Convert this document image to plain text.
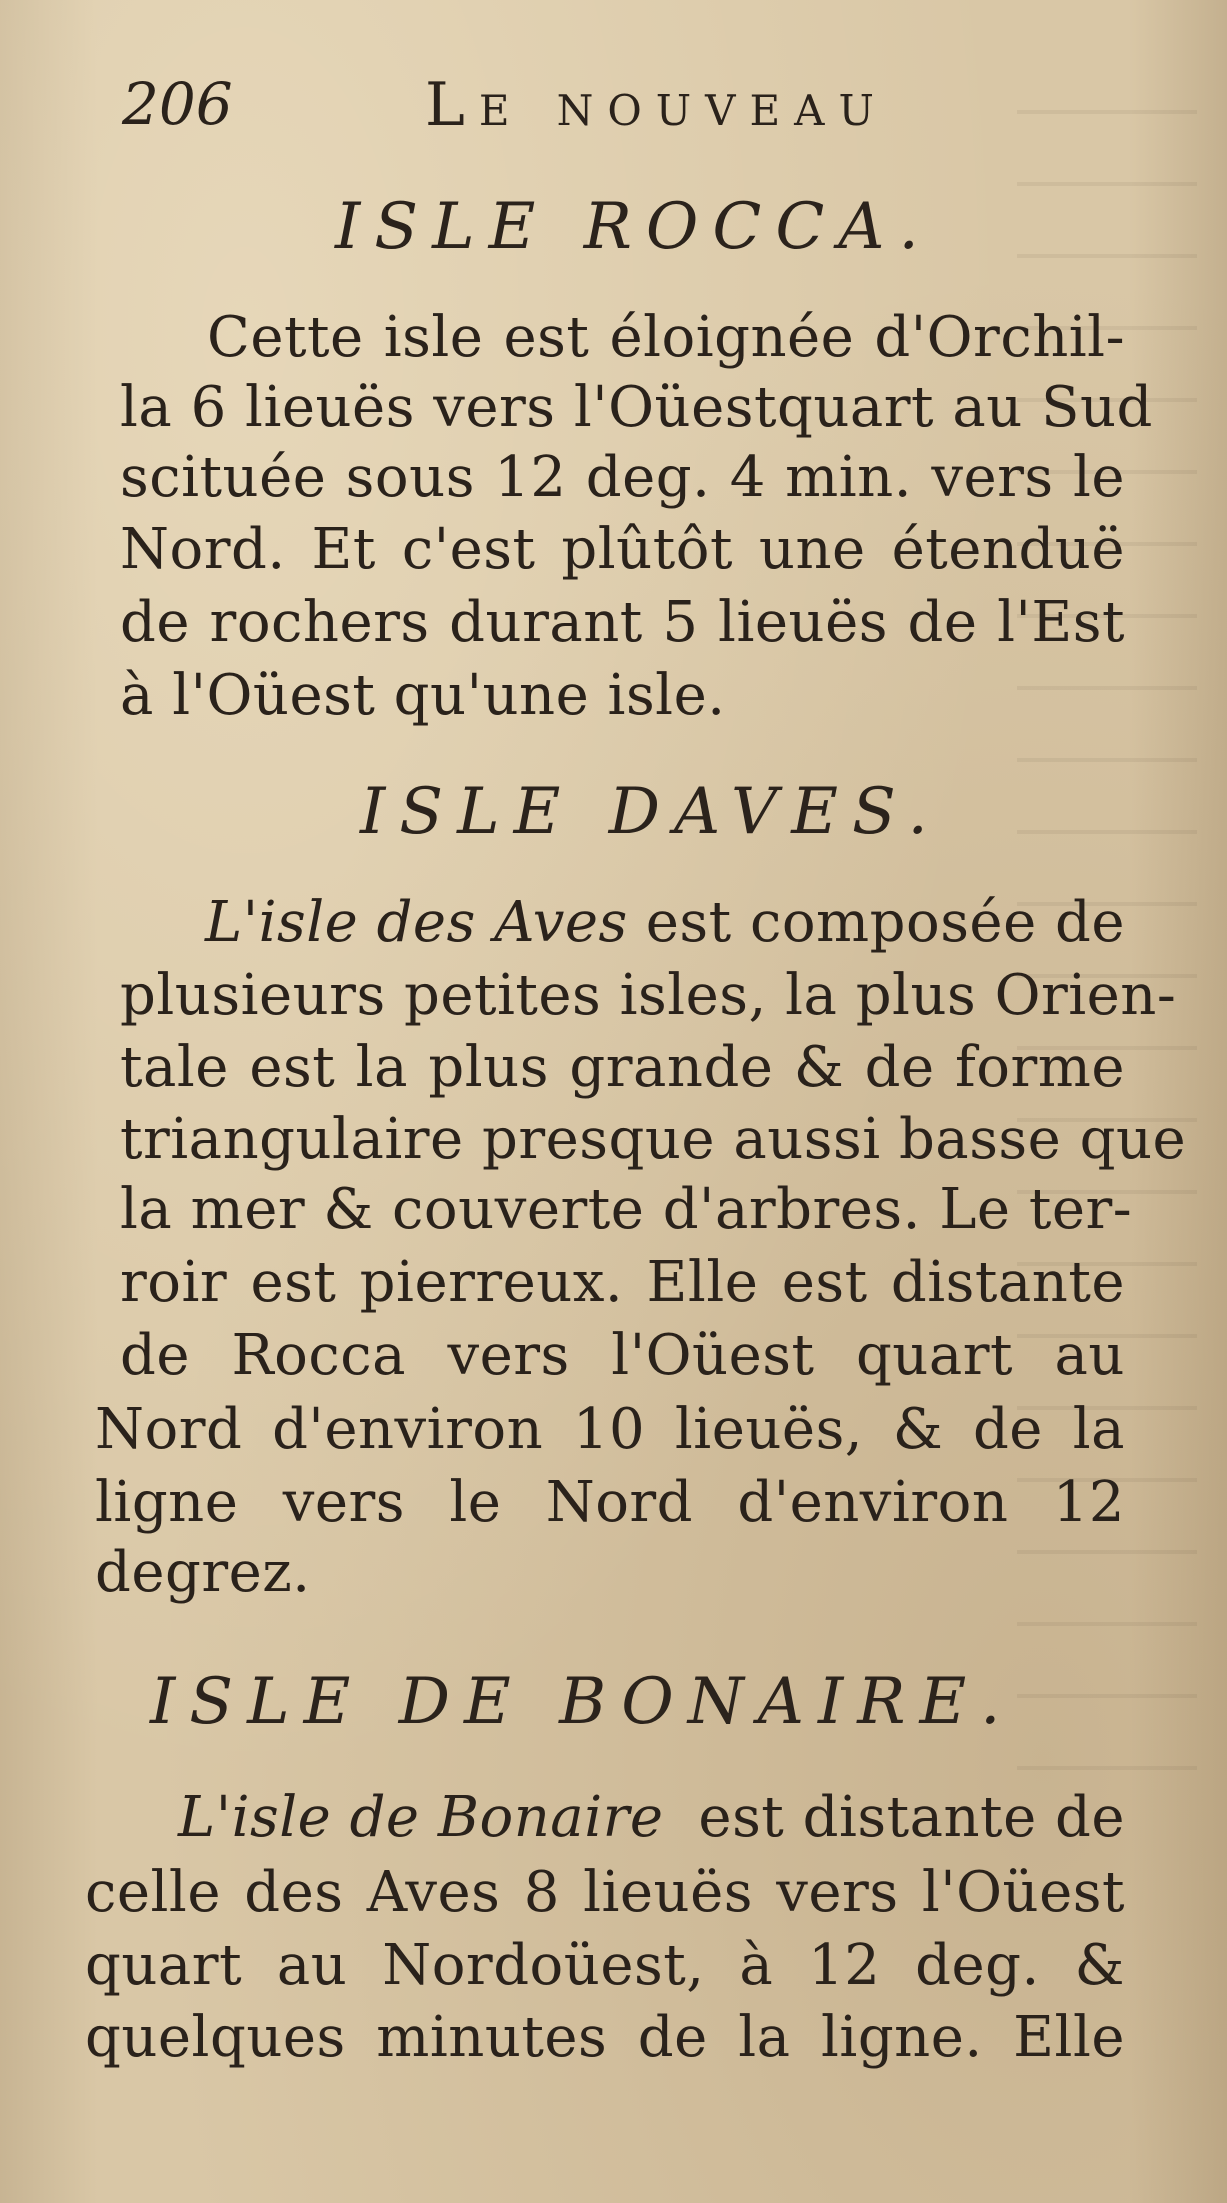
206	Le nouveau
ISLE ROCCA.
Cette isle est éloignée d'Orchil-
la 6 lieuës vers l'Oüestquart au Sud
scituée sous 12 deg. 4 min. vers le
Nord. Et c'est plûtôt une étenduë
de rochers durant 5 lieuës de l'Est
à l'Oüest qu'une isle.
ISLE DAVES.
L'isle des Aves est composée de
plusieurs petites isles, la plus Orien-
tale est la plus grande & de forme
triangulaire presque aussi basse que
la mer & couverte d'arbres. Le ter-
roir est pierreux. Elle est distante
de Rocca vers l'Oüest quart au
Nord d'environ 10 lieuës, & de la
ligne vers le Nord d'environ 12
degrez.
ISLE DE BONAIRE.
L'isle de Bonaire est distante de
celle des Aves 8 lieuës vers l'Oüest
quart au Nordoüest, à 12 deg. &
quelques minutes de la ligne. Elle
